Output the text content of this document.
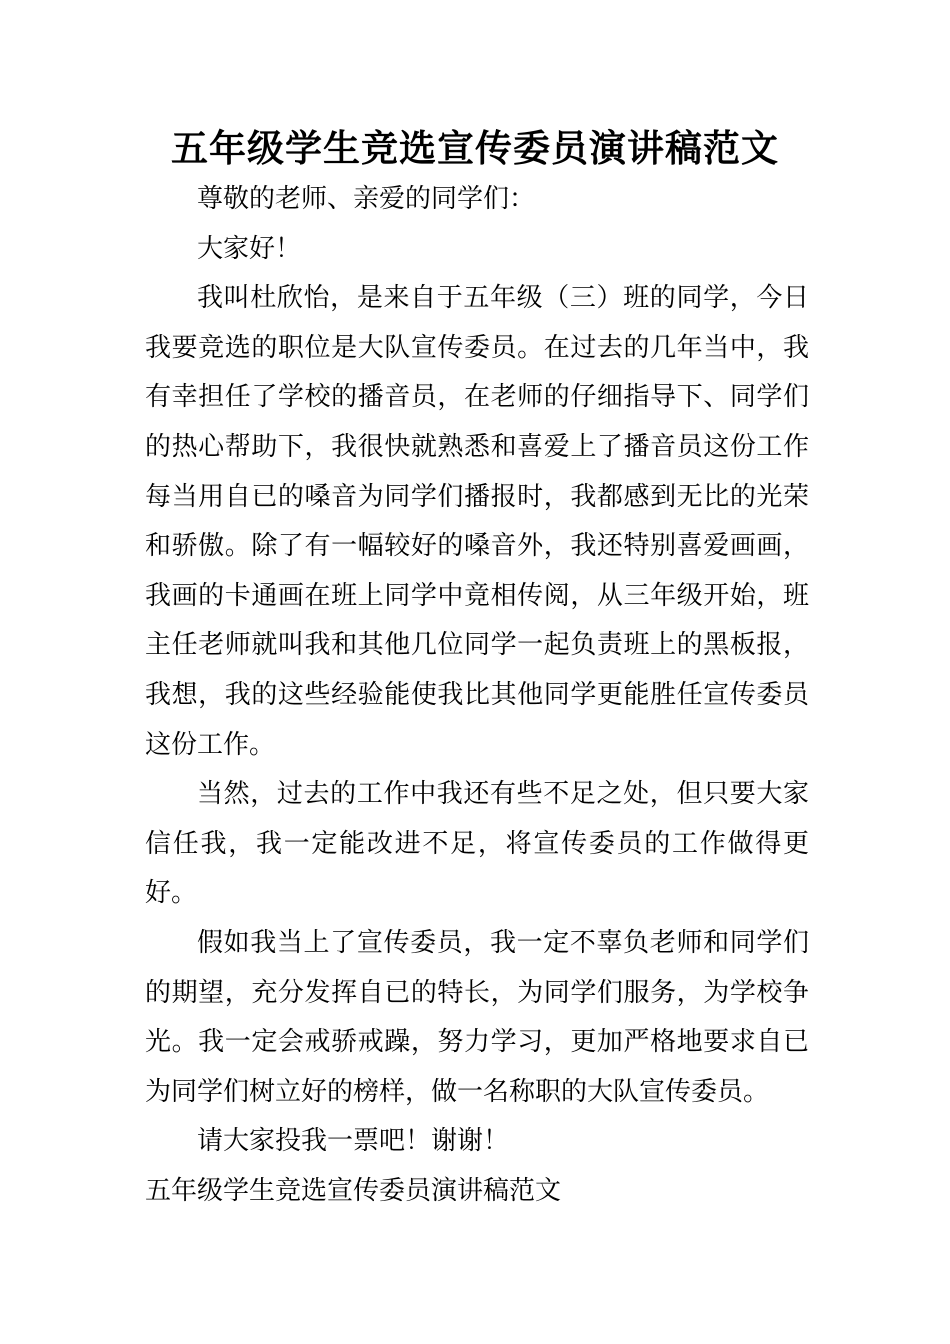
五年级学生竞选宣传委员演讲稿范文

尊敬的老师、亲爱的同学们：

大家好！

我叫杜欣怡，是来自于五年级（三）班的同学，今日我要竞选的职位是大队宣传委员。在过去的几年当中，我有幸担任了学校的播音员，在老师的仔细指导下、同学们的热心帮助下，我很快就熟悉和喜爱上了播音员这份工作每当用自已的嗓音为同学们播报时，我都感到无比的光荣和骄傲。除了有一幅较好的嗓音外，我还特别喜爱画画，我画的卡通画在班上同学中竟相传阅，从三年级开始，班主任老师就叫我和其他几位同学一起负责班上的黑板报，我想，我的这些经验能使我比其他同学更能胜任宣传委员这份工作。

当然，过去的工作中我还有些不足之处，但只要大家信任我，我一定能改进不足，将宣传委员的工作做得更好。

假如我当上了宣传委员，我一定不辜负老师和同学们的期望，充分发挥自已的特长，为同学们服务，为学校争光。我一定会戒骄戒躁，努力学习，更加严格地要求自已为同学们树立好的榜样，做一名称职的大队宣传委员。

请大家投我一票吧！谢谢！

五年级学生竞选宣传委员演讲稿范文
